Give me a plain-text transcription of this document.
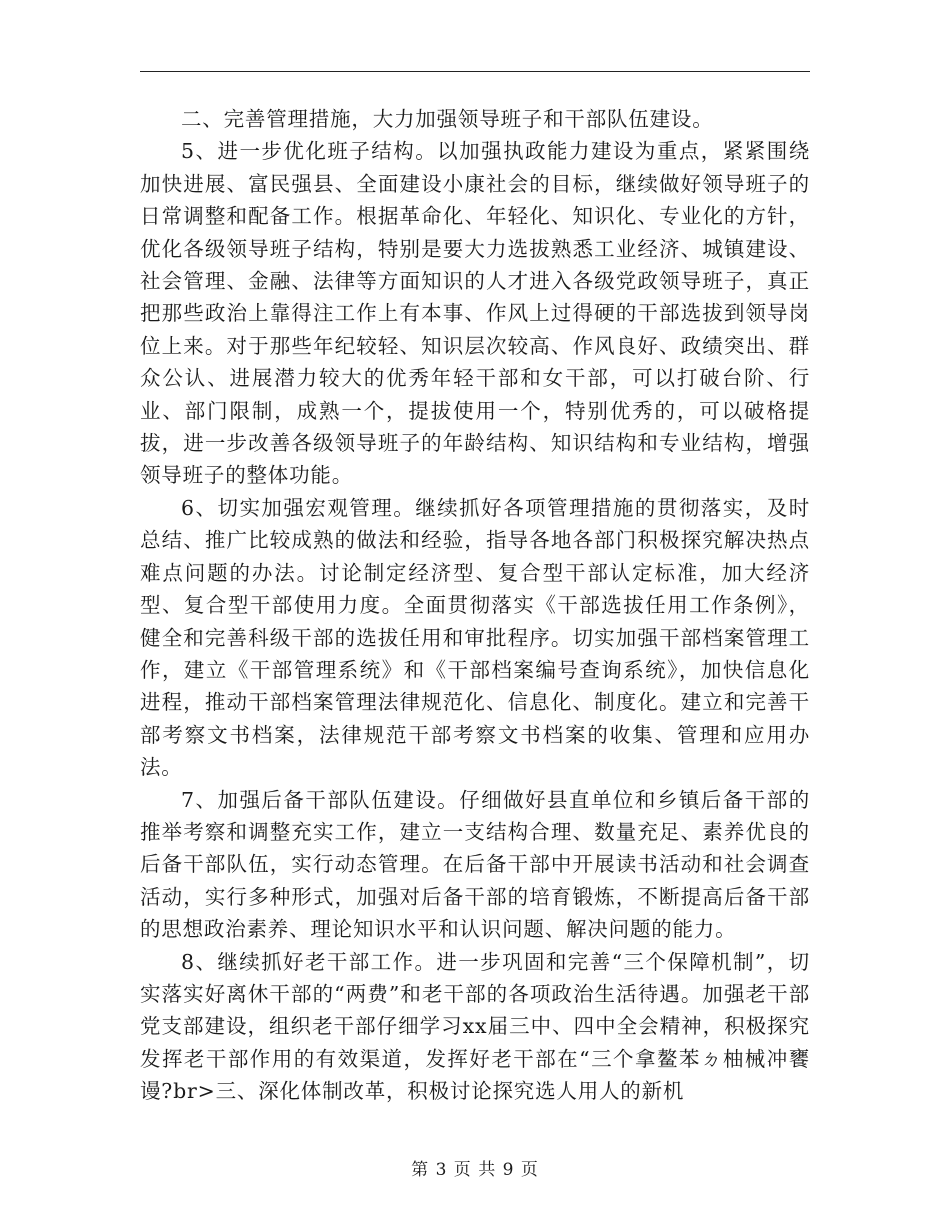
二、完善管理措施，大力加强领导班子和干部队伍建设。

5、进一步优化班子结构。以加强执政能力建设为重点，紧紧围绕加快进展、富民强县、全面建设小康社会的目标，继续做好领导班子的日常调整和配备工作。根据革命化、年轻化、知识化、专业化的方针，优化各级领导班子结构，特别是要大力选拔熟悉工业经济、城镇建设、社会管理、金融、法律等方面知识的人才进入各级党政领导班子，真正把那些政治上靠得注工作上有本事、作风上过得硬的干部选拔到领导岗位上来。对于那些年纪较轻、知识层次较高、作风良好、政绩突出、群众公认、进展潜力较大的优秀年轻干部和女干部，可以打破台阶、行业、部门限制，成熟一个，提拔使用一个，特别优秀的，可以破格提拔，进一步改善各级领导班子的年龄结构、知识结构和专业结构，增强领导班子的整体功能。

6、切实加强宏观管理。继续抓好各项管理措施的贯彻落实，及时总结、推广比较成熟的做法和经验，指导各地各部门积极探究解决热点难点问题的办法。讨论制定经济型、复合型干部认定标准，加大经济型、复合型干部使用力度。全面贯彻落实《干部选拔任用工作条例》，健全和完善科级干部的选拔任用和审批程序。切实加强干部档案管理工作，建立《干部管理系统》和《干部档案编号查询系统》，加快信息化进程，推动干部档案管理法律规范化、信息化、制度化。建立和完善干部考察文书档案，法律规范干部考察文书档案的收集、管理和应用办法。

7、加强后备干部队伍建设。仔细做好县直单位和乡镇后备干部的推举考察和调整充实工作，建立一支结构合理、数量充足、素养优良的后备干部队伍，实行动态管理。在后备干部中开展读书活动和社会调查活动，实行多种形式，加强对后备干部的培育锻炼，不断提高后备干部的思想政治素养、理论知识水平和认识问题、解决问题的能力。

8、继续抓好老干部工作。进一步巩固和完善“三个保障机制”，切实落实好离休干部的“两费”和老干部的各项政治生活待遇。加强老干部党支部建设，组织老干部仔细学习xx届三中、四中全会精神，积极探究发挥老干部作用的有效渠道，发挥好老干部在“三个拿鳌苯ㄉ柚械冲饔谩?br>三、深化体制改革，积极讨论探究选人用人的新机

第 3 页 共 9 页
